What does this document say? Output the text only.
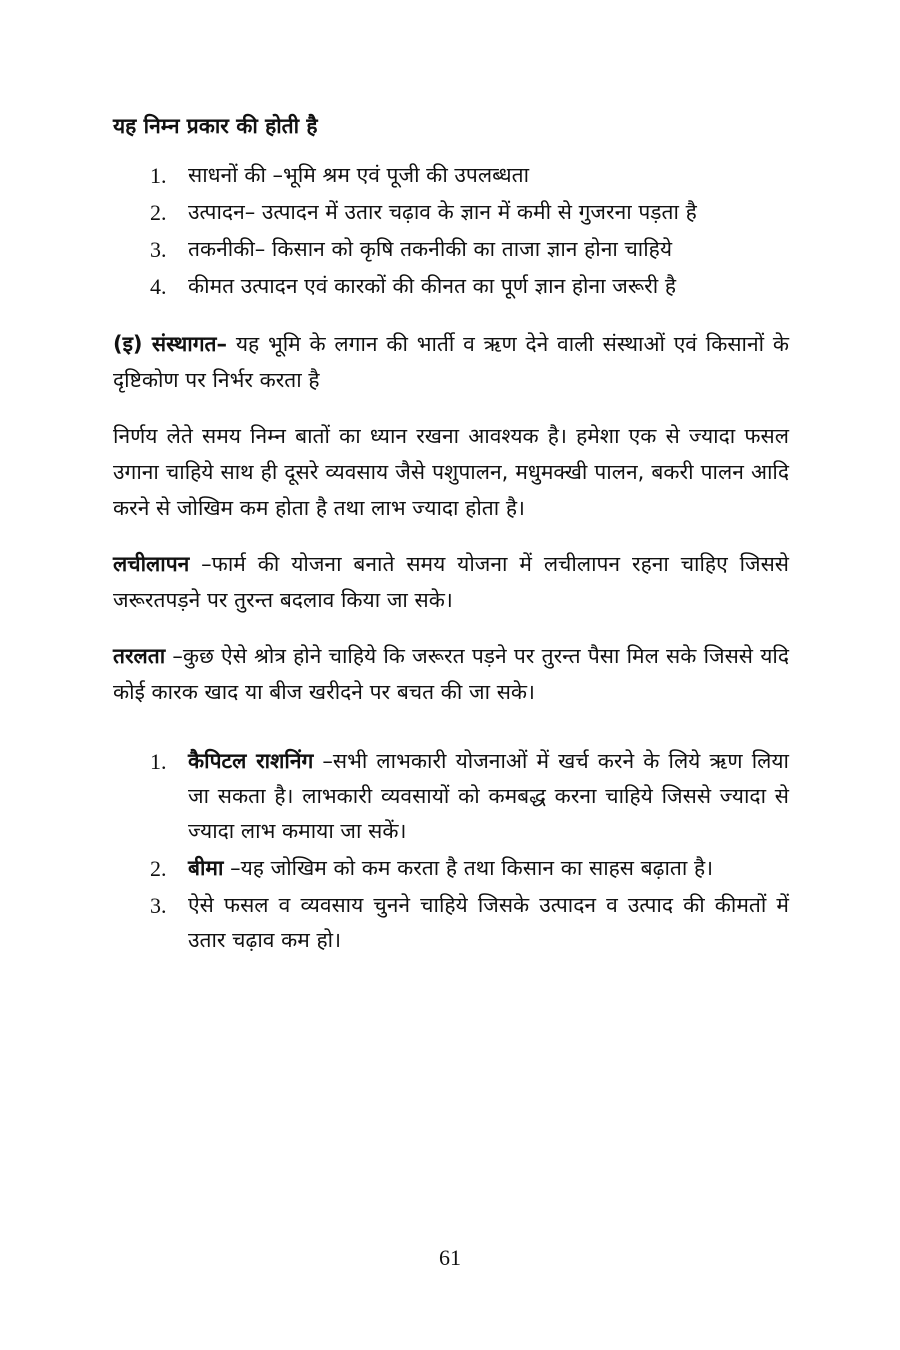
यह निम्न प्रकार की होती है
1.	साधनों की –भूमि श्रम एवं पूजी की उपलब्धता
2.	उत्पादन– उत्पादन में उतार चढ़ाव के ज्ञान में कमी से गुजरना पड़ता है
3.	तकनीकी– किसान को कृषि तकनीकी का ताजा ज्ञान होना चाहिये
4.	कीमत उत्पादन एवं कारकों की कीनत का पूर्ण ज्ञान होना जरूरी है

(इ) संस्थागत– यह भूमि के लगान की भार्ती व ऋण देने वाली संस्थाओं एवं किसानों के दृष्टिकोण पर निर्भर करता है

निर्णय लेते समय निम्न बातों का ध्यान रखना आवश्यक है। हमेशा एक से ज्यादा फसल उगाना चाहिये साथ ही दूसरे व्यवसाय जैसे पशुपालन, मधुमक्खी पालन, बकरी पालन आदि करने से जोखिम कम होता है तथा लाभ ज्यादा होता है।

लचीलापन –फार्म की योजना बनाते समय योजना में लचीलापन रहना चाहिए जिससे जरूरतपड़ने पर तुरन्त बदलाव किया जा सके।

तरलता –कुछ ऐसे श्रोत्र होने चाहिये कि जरूरत पड़ने पर तुरन्त पैसा मिल सके जिससे यदि कोई कारक खाद या बीज खरीदने पर बचत की जा सके।

1.	कैपिटल राशनिंग –सभी लाभकारी योजनाओं में खर्च करने के लिये ऋण लिया जा सकता है। लाभकारी व्यवसायों को कमबद्ध करना चाहिये जिससे ज्यादा से ज्यादा लाभ कमाया जा सकें।
2.	बीमा –यह जोखिम को कम करता है तथा किसान का साहस बढ़ाता है।
3.	ऐसे फसल व व्यवसाय चुनने चाहिये जिसके उत्पादन व उत्पाद की कीमतों में उतार चढ़ाव कम हो।
61
